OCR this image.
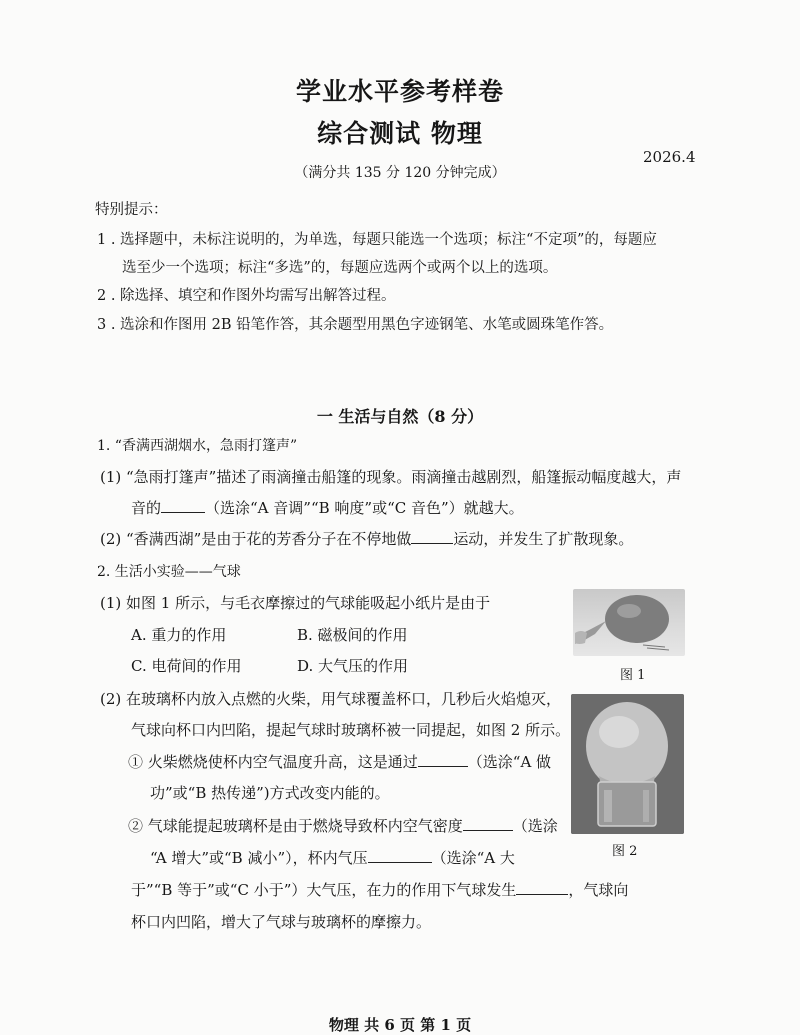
学业水平参考样卷
综合测试 物理
2026.4
（满分共 135 分 120 分钟完成）
特别提示：
1 . 选择题中，未标注说明的，为单选，每题只能选一个选项；标注“不定项”的，每题应
选至少一个选项；标注“多选”的，每题应选两个或两个以上的选项。
2 . 除选择、填空和作图外均需写出解答过程。
3 . 选涂和作图用 2B 铅笔作答，其余题型用黑色字迹钢笔、水笔或圆珠笔作答。
一 生活与自然（8 分）
1. “香满西湖烟水，急雨打篷声”
(1) “急雨打篷声”描述了雨滴撞击船篷的现象。雨滴撞击越剧烈，船篷振动幅度越大，声
音的	（选涂“A 音调”“B 响度”或“C 音色”）就越大。
(2) “香满西湖”是由于花的芳香分子在不停地做	运动，并发生了扩散现象。
2. 生活小实验——气球
(1) 如图 1 所示，与毛衣摩擦过的气球能吸起小纸片是由于
A. 重力的作用	B. 磁极间的作用
C. 电荷间的作用	D. 大气压的作用
图 1
(2) 在玻璃杯内放入点燃的火柴，用气球覆盖杯口，几秒后火焰熄灭，
气球向杯口内凹陷，提起气球时玻璃杯被一同提起，如图 2 所示。
① 火柴燃烧使杯内空气温度升高，这是通过	（选涂“A 做
功”或“B 热传递”)方式改变内能的。
② 气球能提起玻璃杯是由于燃烧导致杯内空气密度	（选涂
“A 增大”或“B 减小”），杯内气压	（选涂“A 大
于”“B 等于”或“C 小于”）大气压，在力的作用下气球发生	，气球向
杯口内凹陷，增大了气球与玻璃杯的摩擦力。
图 2
物理 共 6 页 第 1 页
